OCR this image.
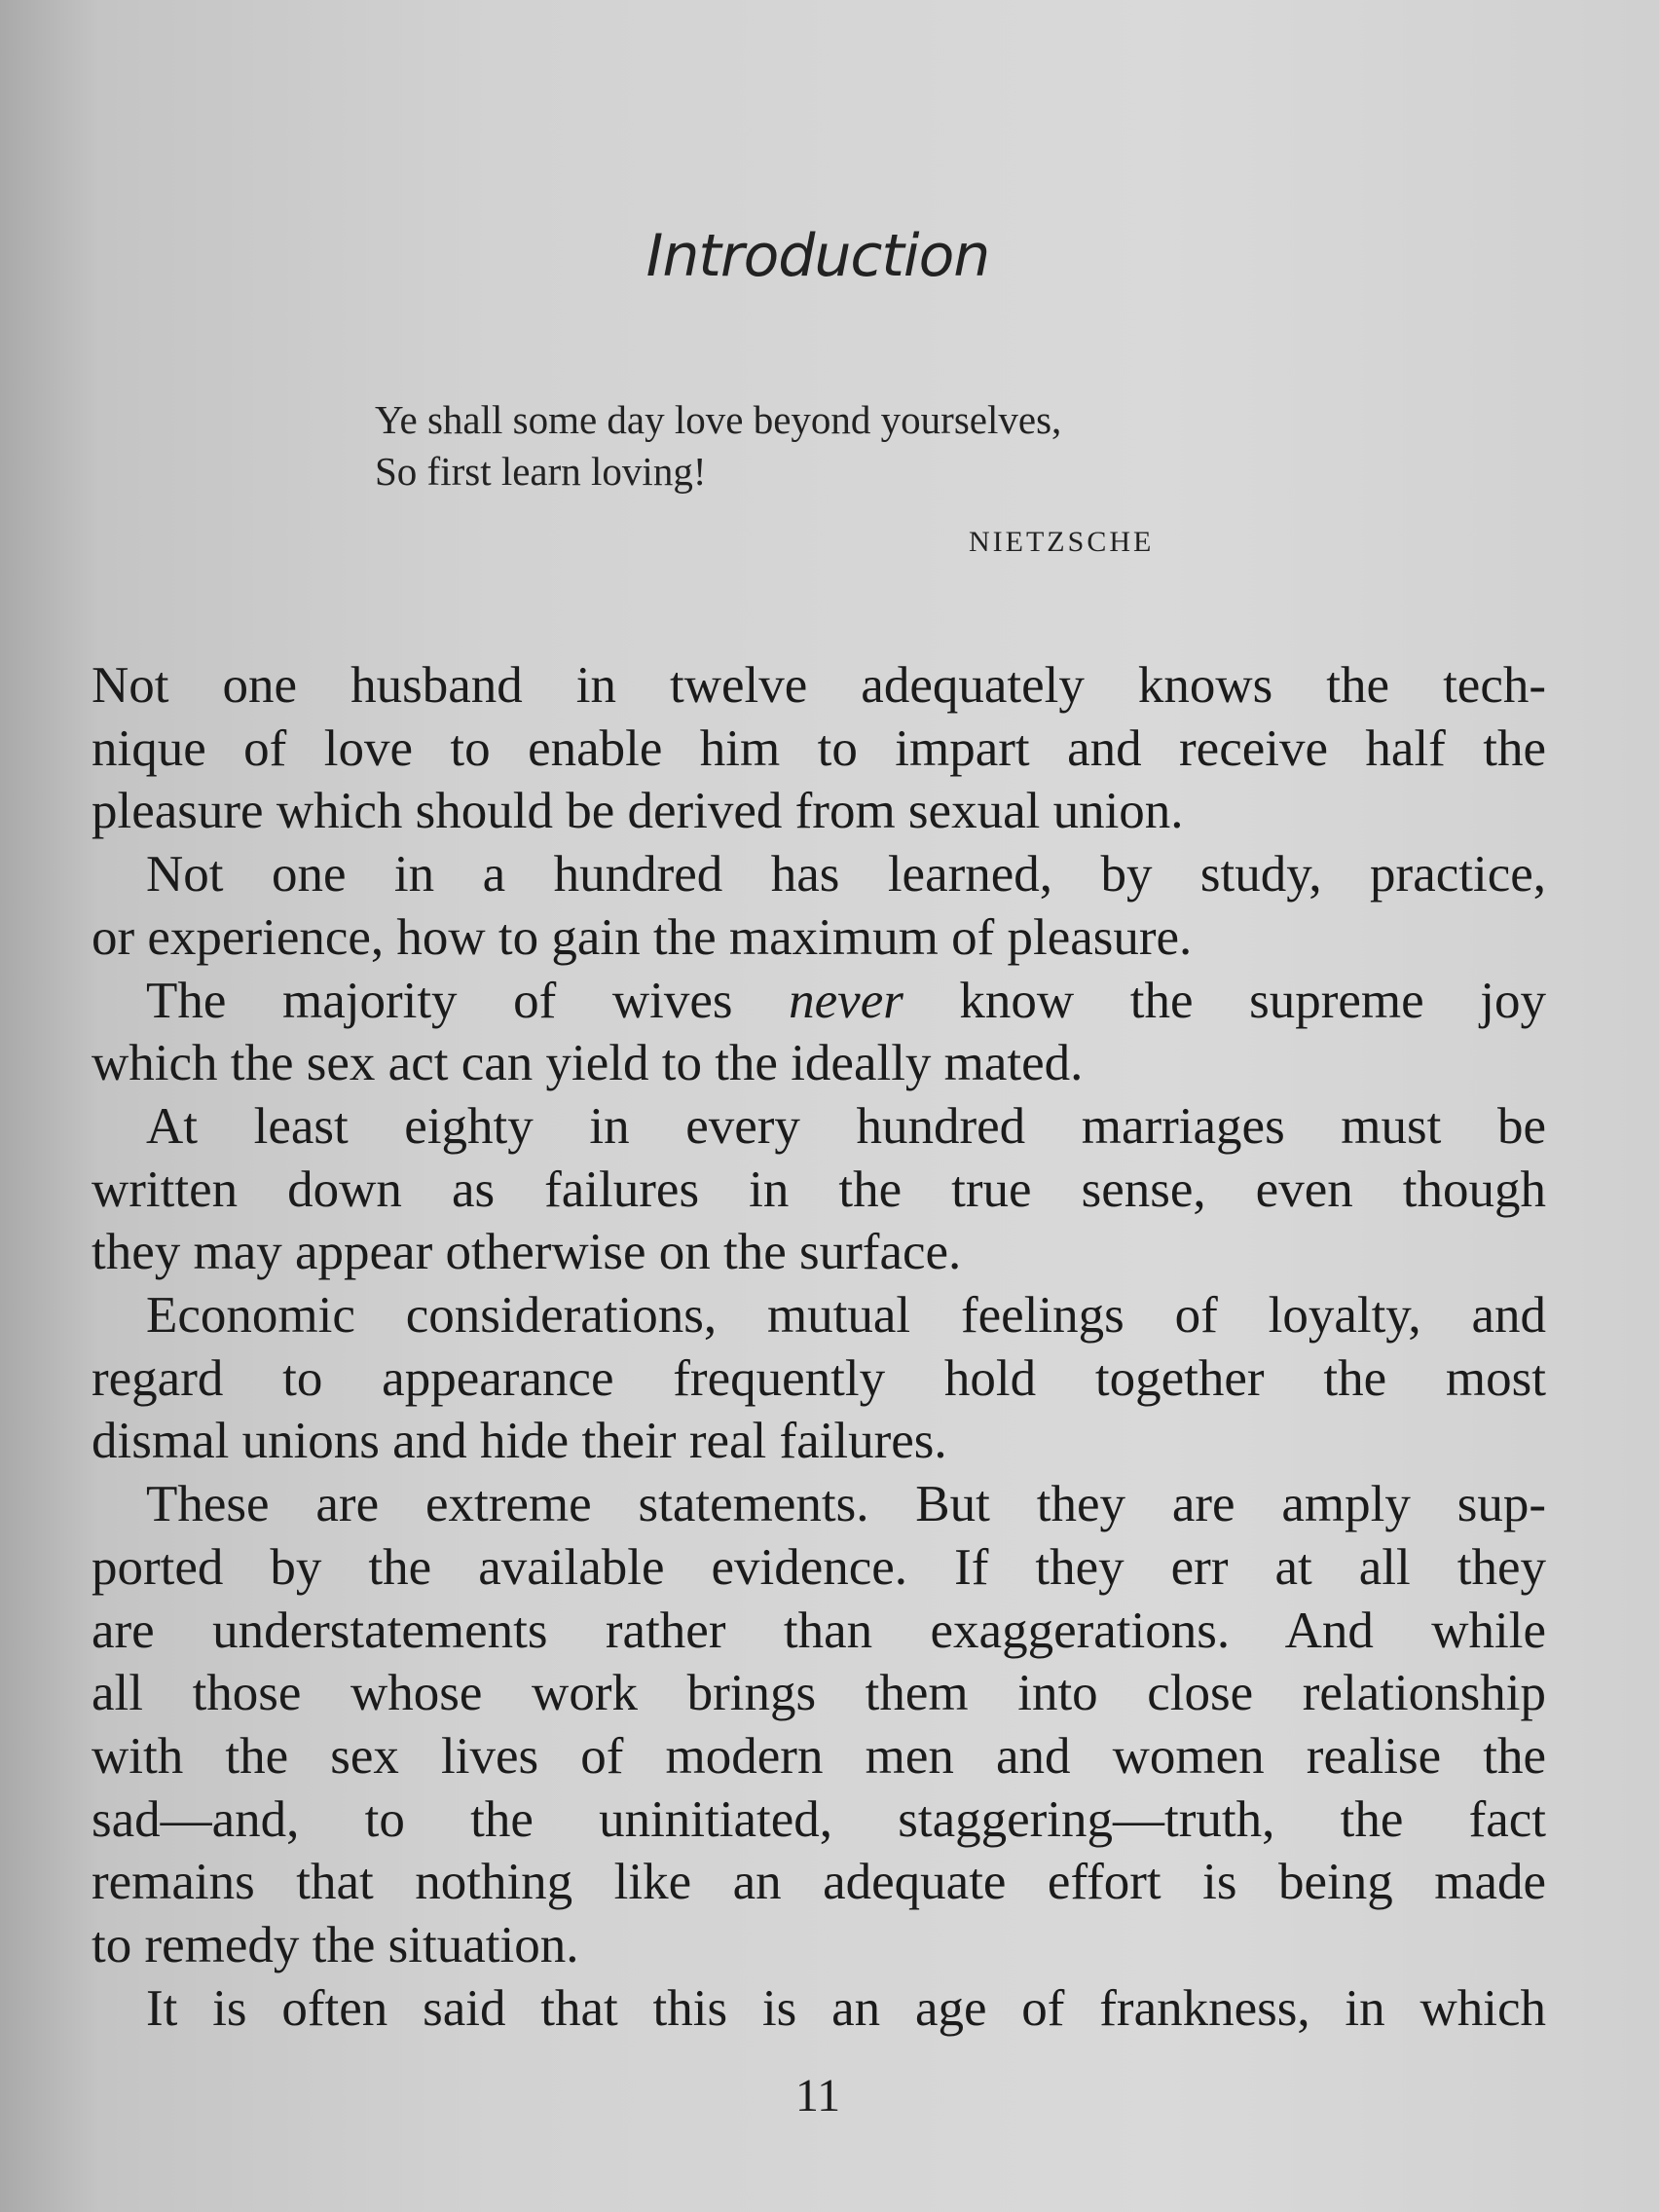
Introduction
Ye shall some day love beyond yourselves,
So first learn loving!
NIETZSCHE
Not one husband in twelve adequately knows the tech-
nique of love to enable him to impart and receive half the
pleasure which should be derived from sexual union.
Not one in a hundred has learned, by study, practice,
or experience, how to gain the maximum of pleasure.
The majority of wives never know the supreme joy
which the sex act can yield to the ideally mated.
At least eighty in every hundred marriages must be
written down as failures in the true sense, even though
they may appear otherwise on the surface.
Economic considerations, mutual feelings of loyalty, and
regard to appearance frequently hold together the most
dismal unions and hide their real failures.
These are extreme statements. But they are amply sup-
ported by the available evidence. If they err at all they
are understatements rather than exaggerations. And while
all those whose work brings them into close relationship
with the sex lives of modern men and women realise the
sad—and, to the uninitiated, staggering—truth, the fact
remains that nothing like an adequate effort is being made
to remedy the situation.
It is often said that this is an age of frankness, in which
11
